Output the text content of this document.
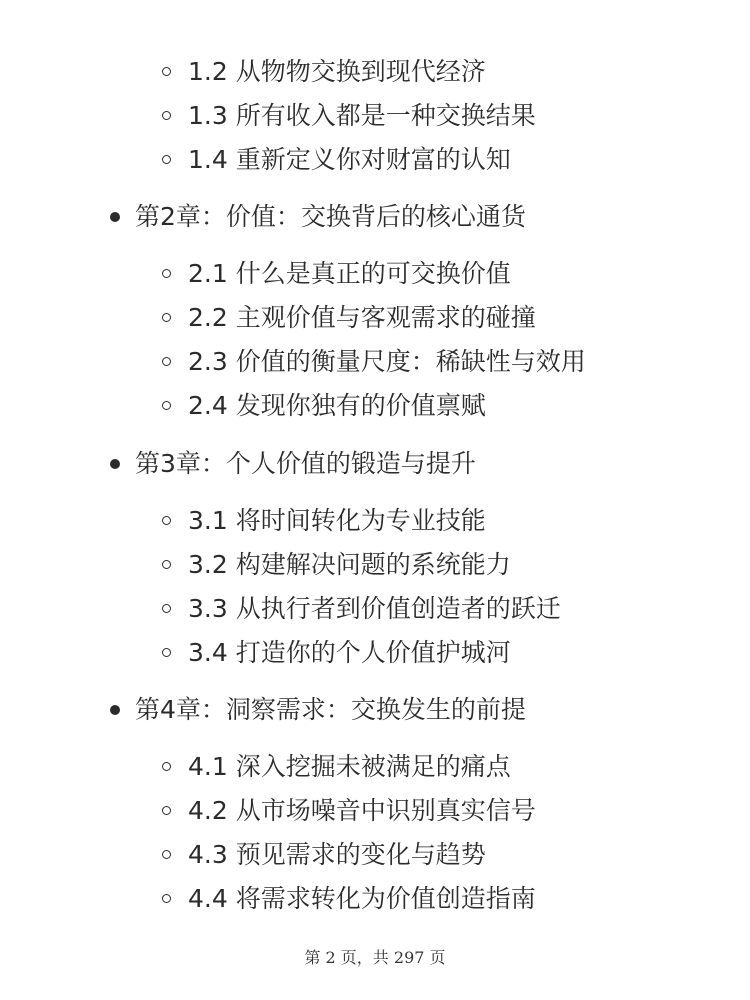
1.2 从物物交换到现代经济
1.3 所有收入都是一种交换结果
1.4 重新定义你对财富的认知
第2章：价值：交换背后的核心通货
2.1 什么是真正的可交换价值
2.2 主观价值与客观需求的碰撞
2.3 价值的衡量尺度：稀缺性与效用
2.4 发现你独有的价值禀赋
第3章：个人价值的锻造与提升
3.1 将时间转化为专业技能
3.2 构建解决问题的系统能力
3.3 从执行者到价值创造者的跃迁
3.4 打造你的个人价值护城河
第4章：洞察需求：交换发生的前提
4.1 深入挖掘未被满足的痛点
4.2 从市场噪音中识别真实信号
4.3 预见需求的变化与趋势
4.4 将需求转化为价值创造指南
第 2 页，共 297 页
